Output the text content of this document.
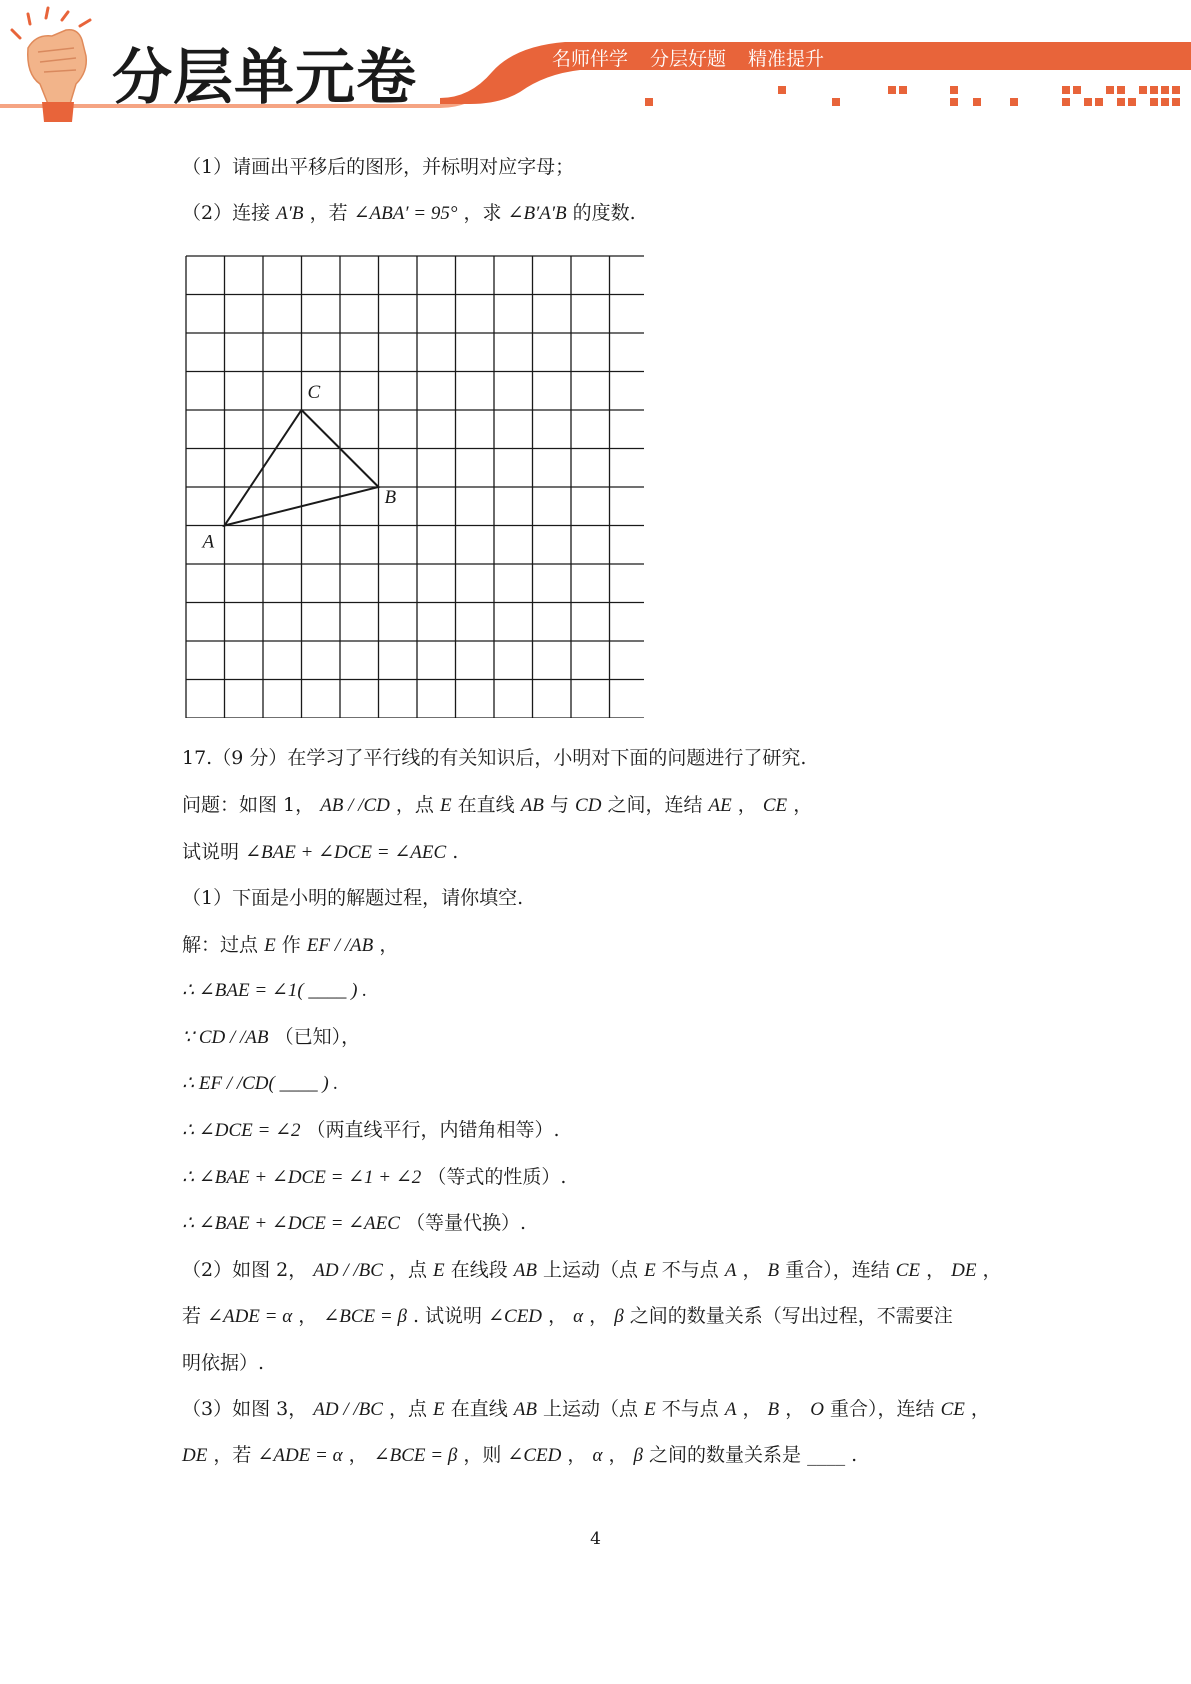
分层单元卷	名师伴学 分层好题 精准提升
（1）请画出平移后的图形，并标明对应字母；
（2）连接 A′B ，若 ∠ABA′ = 95° ，求 ∠B′A′B 的度数.
A
B
C
17.（9 分）在学习了平行线的有关知识后，小明对下面的问题进行了研究.
问题：如图 1， AB / /CD ，点 E 在直线 AB 与 CD 之间，连结 AE ， CE ，
试说明 ∠BAE + ∠DCE = ∠AEC .
（1）下面是小明的解题过程，请你填空.
解：过点 E 作 EF / /AB ，
∴ ∠BAE = ∠1( ____ ) .
∵ CD / /AB （已知），
∴ EF / /CD( ____ ) .
∴ ∠DCE = ∠2 （两直线平行，内错角相等）.
∴ ∠BAE + ∠DCE = ∠1 + ∠2 （等式的性质）.
∴ ∠BAE + ∠DCE = ∠AEC （等量代换）.
（2）如图 2， AD / /BC ，点 E 在线段 AB 上运动（点 E 不与点 A ， B 重合），连结 CE ， DE ，
若 ∠ADE = α ， ∠BCE = β . 试说明 ∠CED ， α ， β 之间的数量关系（写出过程，不需要注
明依据）.
（3）如图 3， AD / /BC ，点 E 在直线 AB 上运动（点 E 不与点 A ， B ， O 重合），连结 CE ，
DE ，若 ∠ADE = α ， ∠BCE = β ，则 ∠CED ， α ， β 之间的数量关系是 ____ .
4
